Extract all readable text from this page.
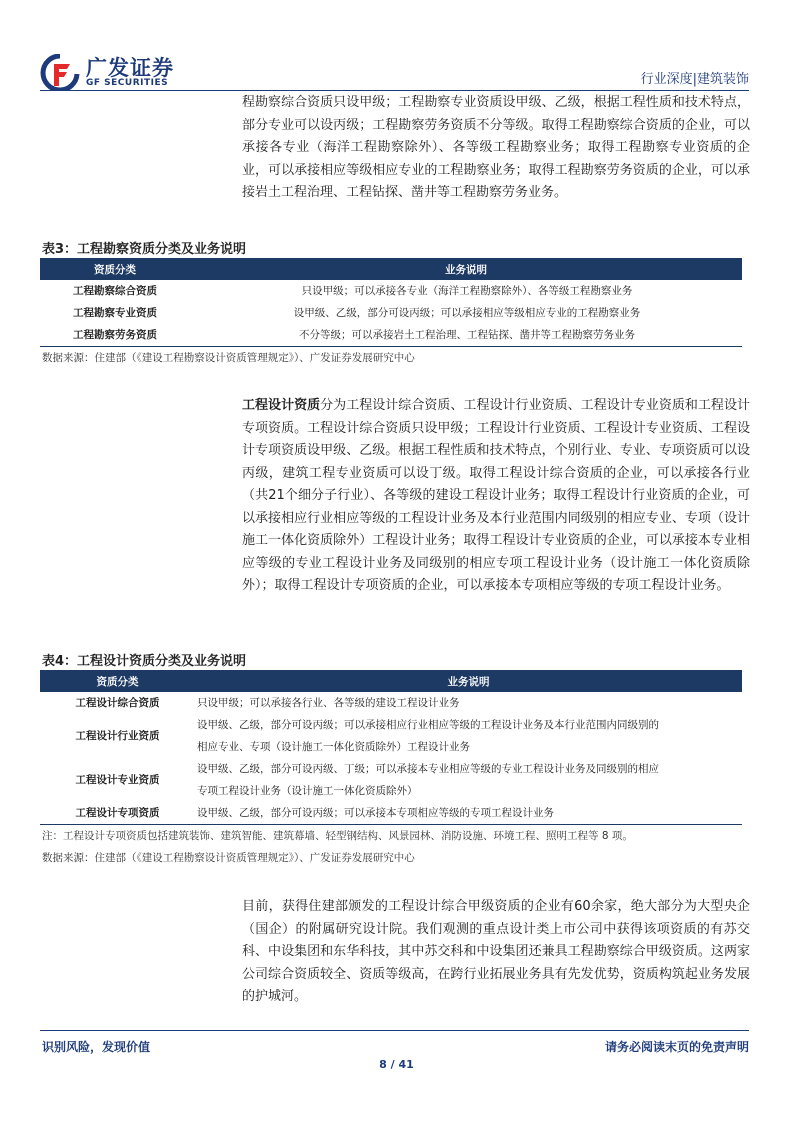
广发证券
GF SECURITIES	行业深度|建筑装饰
程勘察综合资质只设甲级；工程勘察专业资质设甲级、乙级，根据工程性质和技术特点，部分专业可以设丙级；工程勘察劳务资质不分等级。取得工程勘察综合资质的企业，可以承接各专业（海洋工程勘察除外）、各等级工程勘察业务；取得工程勘察专业资质的企业，可以承接相应等级相应专业的工程勘察业务；取得工程勘察劳务资质的企业，可以承接岩土工程治理、工程钻探、凿井等工程勘察劳务业务。
表3：工程勘察资质分类及业务说明
资质分类	业务说明
工程勘察综合资质	只设甲级；可以承接各专业（海洋工程勘察除外）、各等级工程勘察业务
工程勘察专业资质	设甲级、乙级，部分可设丙级；可以承接相应等级相应专业的工程勘察业务
工程勘察劳务资质	不分等级；可以承接岩土工程治理、工程钻探、凿井等工程勘察劳务业务
数据来源：住建部（《建设工程勘察设计资质管理规定》）、广发证券发展研究中心
工程设计资质分为工程设计综合资质、工程设计行业资质、工程设计专业资质和工程设计专项资质。工程设计综合资质只设甲级；工程设计行业资质、工程设计专业资质、工程设计专项资质设甲级、乙级。根据工程性质和技术特点，个别行业、专业、专项资质可以设丙级，建筑工程专业资质可以设丁级。取得工程设计综合资质的企业，可以承接各行业（共21个细分子行业）、各等级的建设工程设计业务；取得工程设计行业资质的企业，可以承接相应行业相应等级的工程设计业务及本行业范围内同级别的相应专业、专项（设计施工一体化资质除外）工程设计业务；取得工程设计专业资质的企业，可以承接本专业相应等级的专业工程设计业务及同级别的相应专项工程设计业务（设计施工一体化资质除外）；取得工程设计专项资质的企业，可以承接本专项相应等级的专项工程设计业务。
表4：工程设计资质分类及业务说明
资质分类	业务说明
工程设计综合资质	只设甲级；可以承接各行业、各等级的建设工程设计业务

工程设计行业资质	设甲级、乙级，部分可设丙级；可以承接相应行业相应等级的工程设计业务及本行业范围内同级别的
相应专业、专项（设计施工一体化资质除外）工程设计业务

工程设计专业资质	设甲级、乙级，部分可设丙级、丁级；可以承接本专业相应等级的专业工程设计业务及同级别的相应
专项工程设计业务（设计施工一体化资质除外）

工程设计专项资质	设甲级、乙级，部分可设丙级；可以承接本专项相应等级的专项工程设计业务
注：工程设计专项资质包括建筑装饰、建筑智能、建筑幕墙、轻型钢结构、风景园林、消防设施、环境工程、照明工程等 8 项。
数据来源：住建部（《建设工程勘察设计资质管理规定》）、广发证券发展研究中心
目前，获得住建部颁发的工程设计综合甲级资质的企业有60余家，绝大部分为大型央企（国企）的附属研究设计院。我们观测的重点设计类上市公司中获得该项资质的有苏交科、中设集团和东华科技，其中苏交科和中设集团还兼具工程勘察综合甲级资质。这两家公司综合资质较全、资质等级高，在跨行业拓展业务具有先发优势，资质构筑起业务发展的护城河。
识别风险，发现价值	请务必阅读末页的免责声明
8 / 41
